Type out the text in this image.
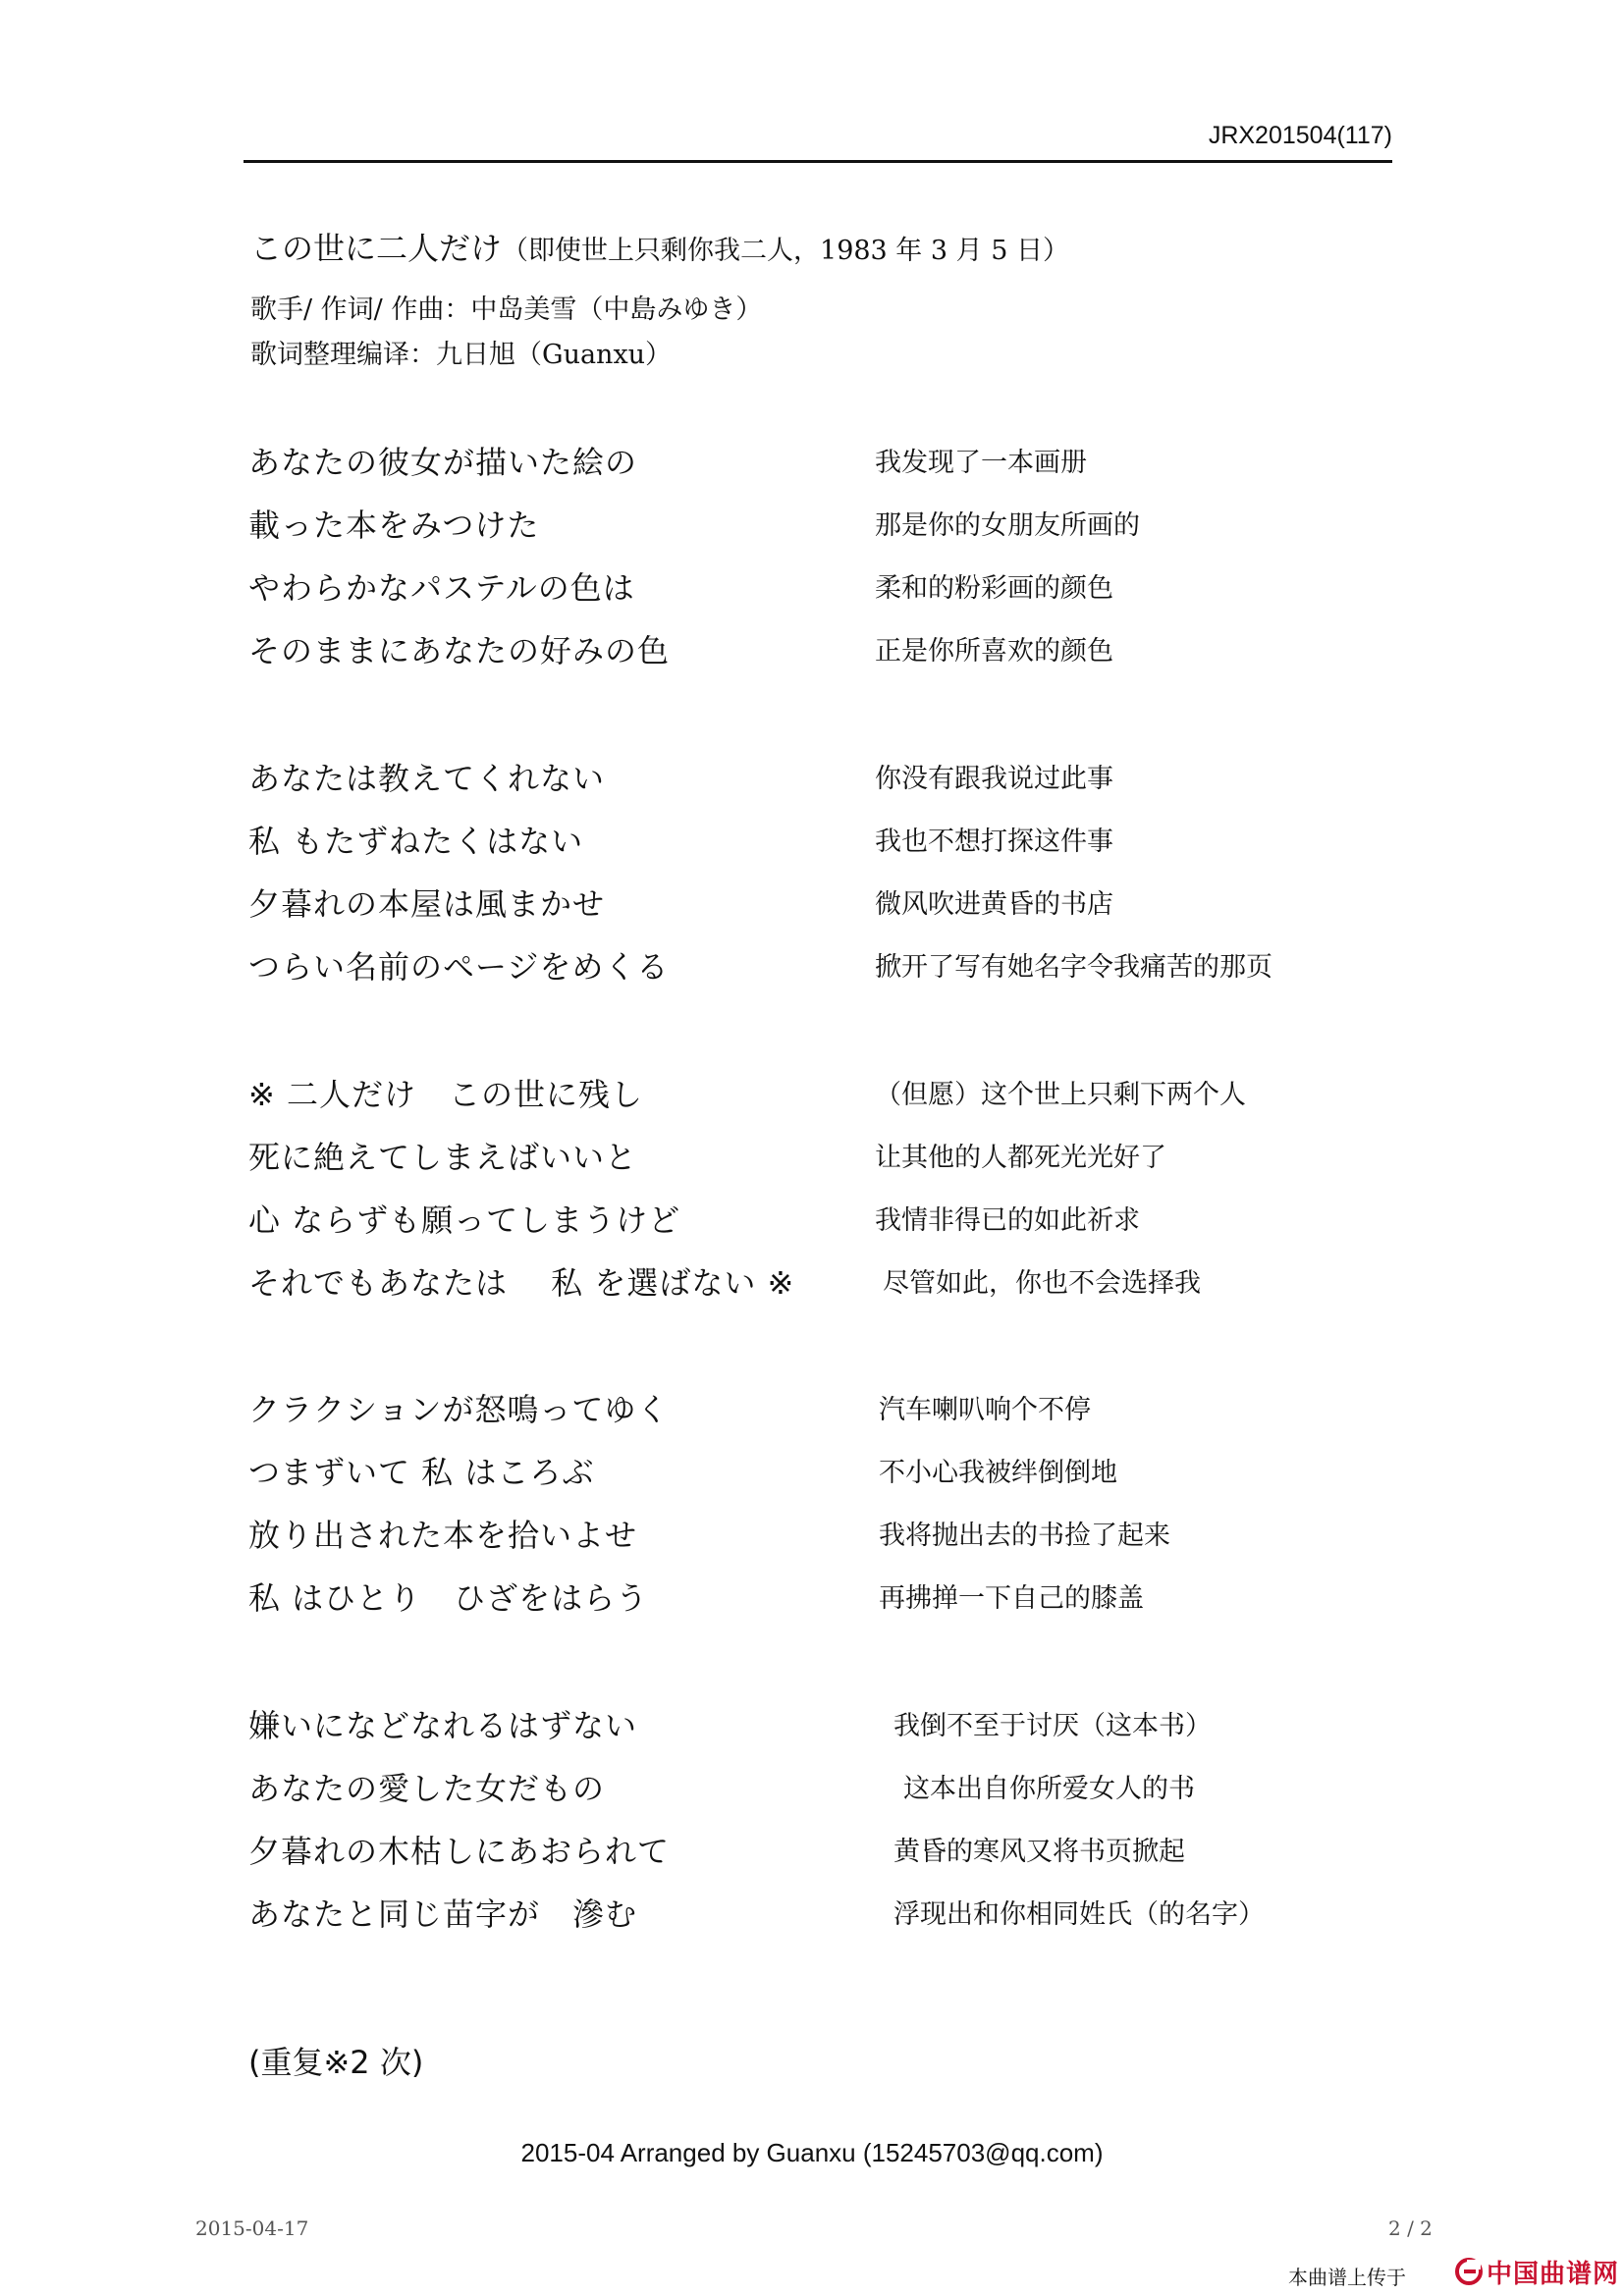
JRX201504(117)
この世に二人だけ（即使世上只剩你我二人，1983 年 3 月 5 日）
歌手/ 作词/ 作曲：中岛美雪（中島みゆき）
歌词整理编译：九日旭（Guanxu）
あなたの彼女が描いた絵の	我发现了一本画册
載った本をみつけた	那是你的女朋友所画的
やわらかなパステルの色は	柔和的粉彩画的颜色
そのままにあなたの好みの色	正是你所喜欢的颜色
あなたは教えてくれない	你没有跟我说过此事
私 もたずねたくはない	我也不想打探这件事
夕暮れの本屋は風まかせ	微风吹进黄昏的书店
つらい名前のページをめくる	掀开了写有她名字令我痛苦的那页
※ 二人だけ　この世に残し	（但愿）这个世上只剩下两个人
死に絶えてしまえばいいと	让其他的人都死光光好了
心 ならずも願ってしまうけど	我情非得已的如此祈求
それでもあなたは　 私 を選ばない ※	尽管如此，你也不会选择我
クラクションが怒鳴ってゆく	汽车喇叭响个不停
つまずいて 私 はころぶ	不小心我被绊倒倒地
放り出された本を拾いよせ	我将抛出去的书捡了起来
私 はひとり　ひざをはらう	再拂掸一下自己的膝盖
嫌いになどなれるはずない	我倒不至于讨厌（这本书）
あなたの愛した女だもの	这本出自你所爱女人的书
夕暮れの木枯しにあおられて	黄昏的寒风又将书页掀起
あなたと同じ苗字が　滲む	浮现出和你相同姓氏（的名字）
(重复※2 次)
2015-04 Arranged by Guanxu (15245703@qq.com)
2015-04-17	2 / 2
本曲谱上传于	中国曲谱网
